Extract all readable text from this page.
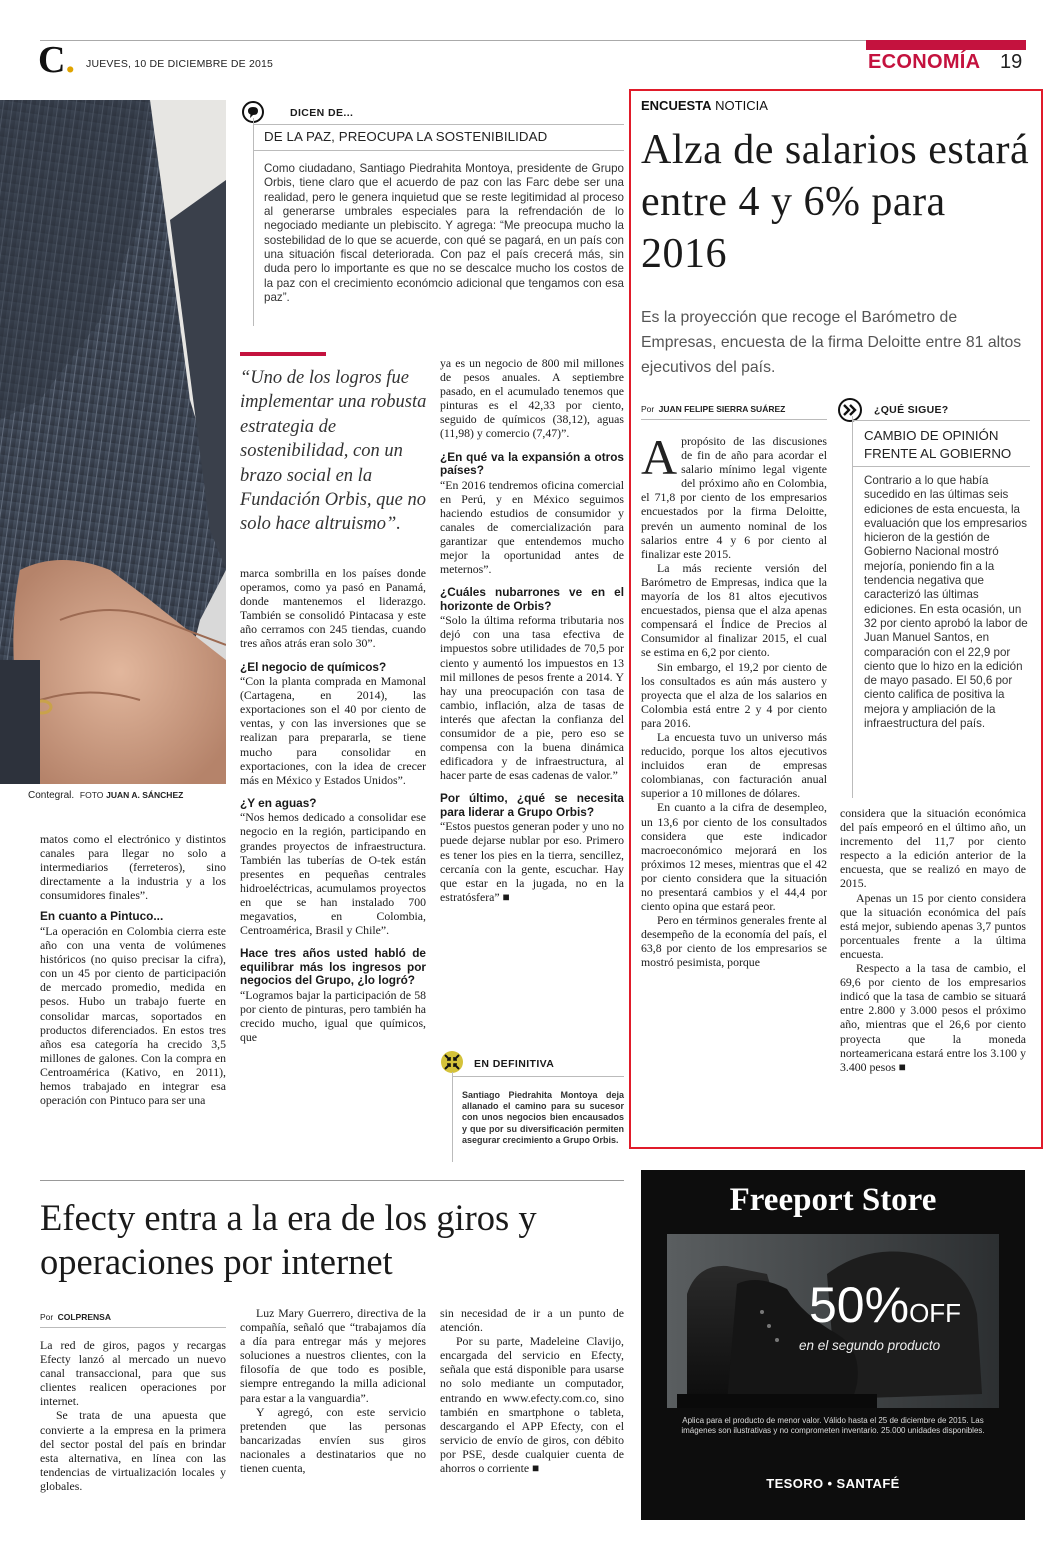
C. JUEVES, 10 DE DICIEMBRE DE 2015	ECONOMÍA 19
Contegral. FOTO JUAN A. SÁNCHEZ
DICEN DE...
DE LA PAZ, PREOCUPA LA SOSTENIBILIDAD
Como ciudadano, Santiago Piedrahita Montoya, presidente de Grupo Orbis, tiene claro que el acuerdo de paz con las Farc debe ser una realidad, pero le genera inquietud que se reste legitimidad al proceso al generarse umbrales especiales para la refrendación de lo negociado mediante un plebiscito. Y agrega: “Me preocupa mucho la sostebilidad de lo que se acuerde, con qué se pagará, en un país con una situación fiscal deteriorada. Con paz el país crecerá más, sin duda pero lo importante es que no se descalce mucho los costos de la paz con el crecimiento económcio adicional que tengamos con esa paz”.
“Uno de los logros fue implementar una robusta estrategia de sostenibilidad, con un brazo social en la Fundación Orbis, que no solo hace altruismo”.

matos como el electrónico y distintos canales para llegar no solo a intermediarios (ferreteros), sino directamente a la industria y a los consumidores finales”.

En cuanto a Pintuco...

“La operación en Colombia cierra este año con una venta de volúmenes históricos (no quiso precisar la cifra), con un 45 por ciento de participación de mercado promedio, medida en pesos. Hubo un trabajo fuerte en consolidar marcas, soportados en productos diferenciados. En estos tres años esa categoría ha crecido 3,5 millones de galones. Con la compra en Centroamérica (Kativo, en 2011), hemos trabajado en integrar esa operación con Pintuco para ser una

marca sombrilla en los países donde operamos, como ya pasó en Panamá, donde mantenemos el liderazgo. También se consolidó Pintacasa y este año cerramos con 245 tiendas, cuando tres años atrás eran solo 30”.

¿El negocio de químicos?

“Con la planta comprada en Mamonal (Cartagena, en 2014), las exportaciones son el 40 por ciento de ventas, y con las inversiones que se realizan para prepararla, se tiene mucho para consolidar en exportaciones, con la idea de crecer más en México y Estados Unidos”.

¿Y en aguas?

“Nos hemos dedicado a consolidar ese negocio en la región, participando en grandes proyectos de infraestructura. También las tuberías de O-tek están presentes en pequeñas centrales hidroeléctricas, acumulamos proyectos en que se han instalado 700 megavatios, en Colombia, Centroamérica, Brasil y Chile”.

Hace tres años usted habló de equilibrar más los ingresos por negocios del Grupo, ¿lo logró?

“Logramos bajar la participación de 58 por ciento de pinturas, pero también ha crecido mucho, igual que químicos, que

ya es un negocio de 800 mil millones de pesos anuales. A septiembre pasado, en el acumulado tenemos que pinturas es el 42,33 por ciento, seguido de químicos (38,12), aguas (11,98) y comercio (7,47)”.

¿En qué va la expansión a otros países?

“En 2016 tendremos oficina comercial en Perú, y en México seguimos haciendo estudios de consumidor y canales de comercialización para garantizar que entendemos mucho mejor la oportunidad antes de meternos”.

¿Cuáles nubarrones ve en el horizonte de Orbis?

“Solo la última reforma tributaria nos dejó con una tasa efectiva de impuestos sobre utilidades de 70,5 por ciento y aumentó los impuestos en 13 mil millones de pesos frente a 2014. Y hay una preocupación con tasa de cambio, inflación, alza de tasas de interés que afectan la confianza del consumidor de a pie, pero eso se compensa con la buena dinámica edificadora y de infraestructura, al hacer parte de esas cadenas de valor.”

Por último, ¿qué se necesita para liderar a Grupo Orbis?

“Estos puestos generan poder y uno no puede dejarse nublar por eso. Primero es tener los pies en la tierra, sencillez, cercanía con la gente, escuchar. Hay que estar en la jugada, no en la estratósfera” ■

EN DEFINITIVA
Santiago Piedrahita Montoya deja allanado el camino para su sucesor con unos negocios bien encausados y que por su diversificación permiten asegurar crecimiento a Grupo Orbis.
ENCUESTA NOTICIA
Alza de salarios estará entre 4 y 6% para 2016
Es la proyección que recoge el Barómetro de Empresas, encuesta de la firma Deloitte entre 81 altos ejecutivos del país.
Por JUAN FELIPE SIERRA SUÁREZ

Apropósito de las discusiones de fin de año para acordar el salario mínimo legal vigente del próximo año en Colombia, el 71,8 por ciento de los empresarios encuestados por la firma Deloitte, prevén un aumento nominal de los salarios entre 4 y 6 por ciento al finalizar este 2015.

La más reciente versión del Barómetro de Empresas, indica que la mayoría de los 81 altos ejecutivos encuestados, piensa que el alza apenas compensará el Índice de Precios al Consumidor al finalizar 2015, el cual se estima en 6,2 por ciento.

Sin embargo, el 19,2 por ciento de los consultados es aún más austero y proyecta que el alza de los salarios en Colombia está entre 2 y 4 por ciento para 2016.

La encuesta tuvo un universo más reducido, porque los altos ejecutivos incluidos eran de empresas colombianas, con facturación anual superior a 10 millones de dólares.

En cuanto a la cifra de desempleo, un 13,6 por ciento de los consultados considera que este indicador macroeconómico mejorará en los próximos 12 meses, mientras que el 42 por ciento considera que la situación no presentará cambios y el 44,4 por ciento opina que estará peor.

Pero en términos generales frente al desempeño de la economía del país, el 63,8 por ciento de los empresarios se mostró pesimista, porque

¿QUÉ SIGUE?
CAMBIO DE OPINIÓN FRENTE AL GOBIERNO
Contrario a lo que había sucedido en las últimas seis ediciones de esta encuesta, la evaluación que los empresarios hicieron de la gestión de Gobierno Nacional mostró mejoría, poniendo fin a la tendencia negativa que caracterizó las últimas ediciones. En esta ocasión, un 32 por ciento aprobó la labor de Juan Manuel Santos, en comparación con el 22,9 por ciento que lo hizo en la edición de mayo pasado. El 50,6 por ciento califica de positiva la mejora y ampliación de la infraestructura del país.

considera que la situación económica del país empeoró en el último año, un incremento del 11,7 por ciento respecto a la edición anterior de la encuesta, que se realizó en mayo de 2015.

Apenas un 15 por ciento considera que la situación económica del país está mejor, subiendo apenas 3,7 puntos porcentuales frente a la última encuesta.

Respecto a la tasa de cambio, el 69,6 por ciento de los empresarios indicó que la tasa de cambio se situará entre 2.800 y 3.000 pesos el próximo año, mientras que el 26,6 por ciento proyecta que la moneda norteamericana estará entre los 3.100 y 3.400 pesos ■

Efecty entra a la era de los giros y operaciones por internet
Por COLPRENSA

La red de giros, pagos y recargas Efecty lanzó al mercado un nuevo canal transaccional, para que sus clientes realicen operaciones por internet.

Se trata de una apuesta que convierte a la empresa en la primera del sector postal del país en brindar esta alternativa, en línea con las tendencias de virtualización locales y globales.

Luz Mary Guerrero, directiva de la compañía, señaló que “trabajamos día a día para entregar más y mejores soluciones a nuestros clientes, con la filosofía de que todo es posible, siempre entregando la milla adicional para estar a la vanguardia”.

Y agregó, con este servicio pretenden que las personas bancarizadas envíen sus giros nacionales a destinatarios que no tienen cuenta,

sin necesidad de ir a un punto de atención.

Por su parte, Madeleine Clavijo, encargada del servicio en Efecty, señala que está disponible para usarse no solo mediante un computador, entrando en www.efecty.com.co, sino también en smartphone o tableta, descargando el APP Efecty, con el servicio de envío de giros, con débito por PSE, desde cualquier cuenta de ahorros o corriente ■

Freeport Store
50%OFF
en el segundo producto
Aplica para el producto de menor valor. Válido hasta el 25 de diciembre de 2015. Las imágenes son ilustrativas y no comprometen inventario. 25.000 unidades disponibles.
TESORO • SANTAFÉ
